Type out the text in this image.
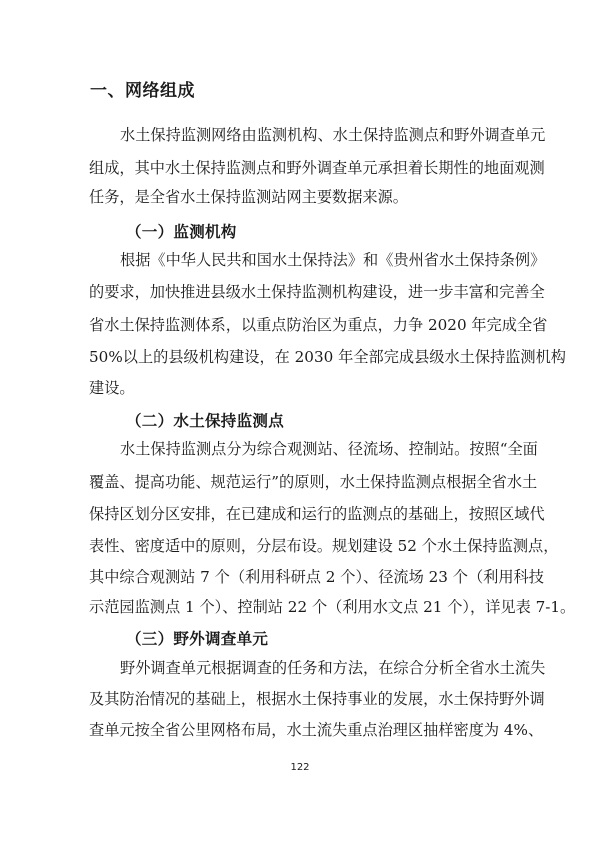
一、网络组成
水土保持监测网络由监测机构、水土保持监测点和野外调查单元
组成，其中水土保持监测点和野外调查单元承担着长期性的地面观测
任务，是全省水土保持监测站网主要数据来源。
（一）监测机构
根据《中华人民共和国水土保持法》和《贵州省水土保持条例》
的要求，加快推进县级水土保持监测机构建设，进一步丰富和完善全
省水土保持监测体系，以重点防治区为重点，力争 2020 年完成全省
50%以上的县级机构建设，在 2030 年全部完成县级水土保持监测机构
建设。
（二）水土保持监测点
水土保持监测点分为综合观测站、径流场、控制站。按照“全面
覆盖、提高功能、规范运行”的原则，水土保持监测点根据全省水土
保持区划分区安排，在已建成和运行的监测点的基础上，按照区域代
表性、密度适中的原则，分层布设。规划建设 52 个水土保持监测点，
其中综合观测站 7 个（利用科研点 2 个）、径流场 23 个（利用科技
示范园监测点 1 个）、控制站 22 个（利用水文点 21 个），详见表 7-1。
（三）野外调查单元
野外调查单元根据调查的任务和方法，在综合分析全省水土流失
及其防治情况的基础上，根据水土保持事业的发展，水土保持野外调
查单元按全省公里网格布局，水土流失重点治理区抽样密度为 4%、
122
